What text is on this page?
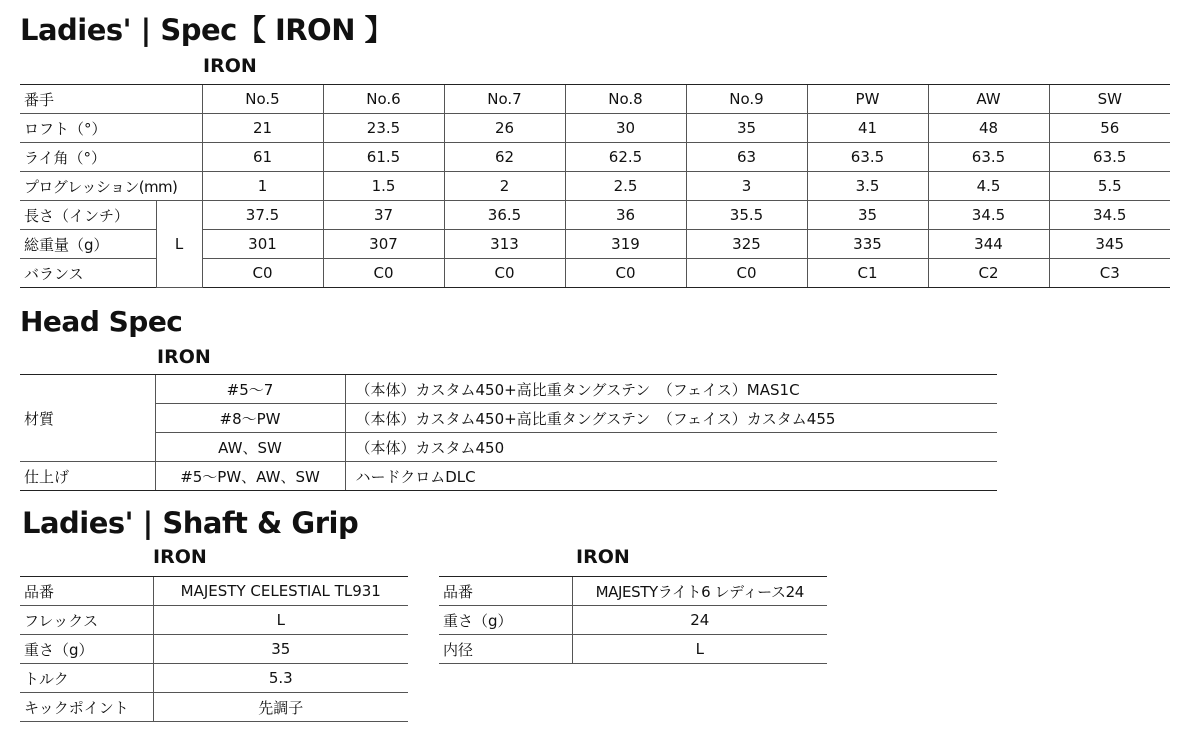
Ladies' | Spec【 IRON 】
IRON
番手		No.5	No.6	No.7	No.8	No.9	PW	AW	SW
ロフト（°）		21	23.5	26	30	35	41	48	56
ライ角（°）		61	61.5	62	62.5	63	63.5	63.5	63.5
プログレッション(mm)		1	1.5	2	2.5	3	3.5	4.5	5.5
長さ（インチ）	L	37.5	37	36.5	36	35.5	35	34.5	34.5
総重量（g）		301	307	313	319	325	335	344	345
バランス		C0	C0	C0	C0	C0	C1	C2	C3
Head Spec
IRON
材質	#5〜7	（本体）カスタム450+高比重タングステン　（フェイス）MAS1C
	#8〜PW	（本体）カスタム450+高比重タングステン　（フェイス）カスタム455
	AW、SW	（本体）カスタム450
仕上げ	#5〜PW、AW、SW	ハードクロムDLC
Ladies' | Shaft & Grip
IRON	IRON
品番	MAJESTY CELESTIAL TL931
フレックス	L
重さ（g）	35
トルク	5.3
キックポイント	先調子
品番	MAJESTYライト6 レディース24
重さ（g）	24
内径	L
